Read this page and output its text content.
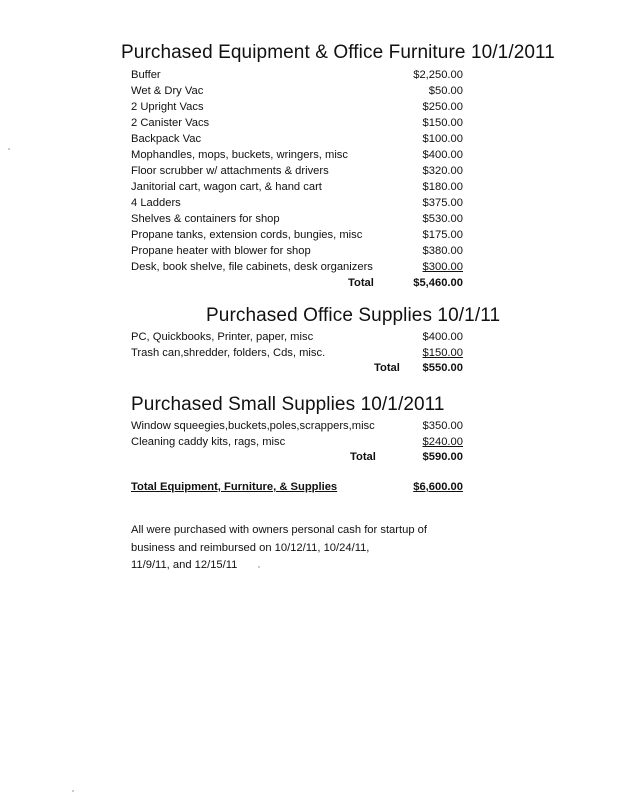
Purchased Equipment & Office Furniture 10/1/2011
Buffer	$2,250.00
Wet & Dry Vac	$50.00
2 Upright Vacs	$250.00
2 Canister Vacs	$150.00
Backpack Vac	$100.00
Mophandles, mops, buckets, wringers, misc	$400.00
Floor scrubber w/ attachments & drivers	$320.00
Janitorial cart, wagon cart, & hand cart	$180.00
4 Ladders	$375.00
Shelves & containers for shop	$530.00
Propane tanks, extension cords, bungies, misc	$175.00
Propane heater with blower for shop	$380.00
Desk, book shelve, file cabinets, desk organizers	$300.00
Total	$5,460.00
Purchased Office Supplies 10/1/11
PC, Quickbooks, Printer, paper, misc	$400.00
Trash can,shredder, folders, Cds, misc.	$150.00
Total $550.00
Purchased Small Supplies 10/1/2011
Window squeegies,buckets,poles,scrappers,misc	$350.00
Cleaning caddy kits, rags, misc	$240.00
Total	$590.00
Total Equipment, Furniture, & Supplies	$6,600.00
All were purchased with owners personal cash for startup of
business and reimbursed on 10/12/11, 10/24/11,
11/9/11, and 12/15/11
